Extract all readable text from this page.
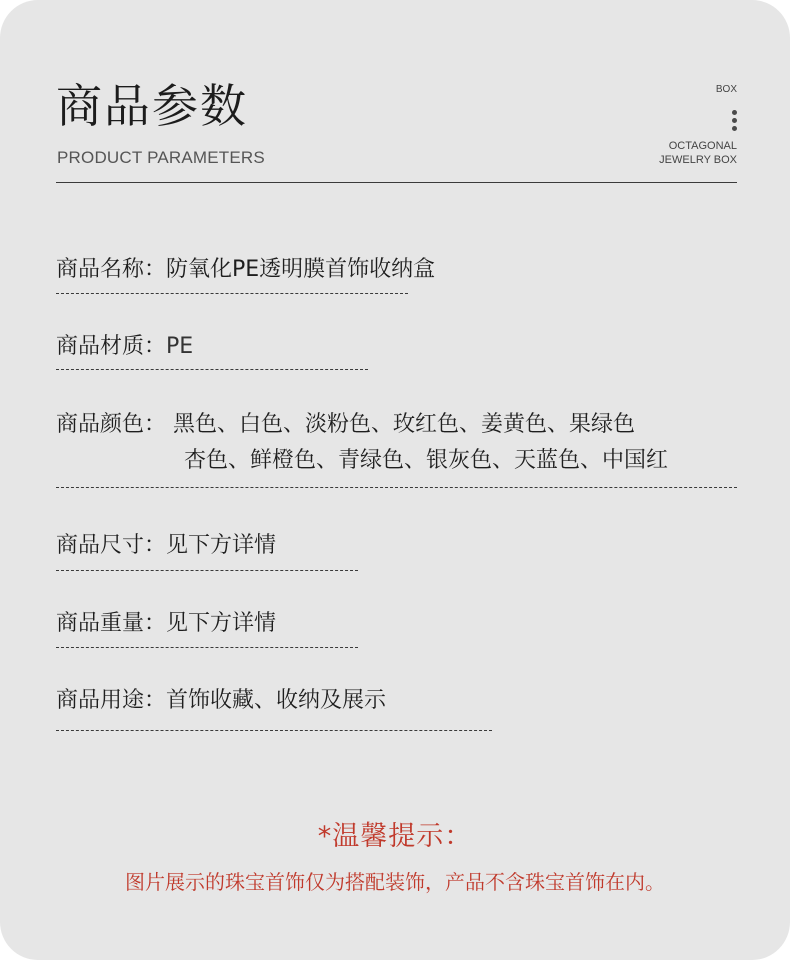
商品参数
PRODUCT PARAMETERS
BOX
OCTAGONAL
JEWELRY BOX
商品名称：防氧化PE透明膜首饰收纳盒
商品材质：PE
商品颜色： 黑色、白色、淡粉色、玫红色、姜黄色、果绿色
杏色、鲜橙色、青绿色、银灰色、天蓝色、中国红
商品尺寸：见下方详情
商品重量：见下方详情
商品用途：首饰收藏、收纳及展示
*温馨提示：
图片展示的珠宝首饰仅为搭配装饰，产品不含珠宝首饰在内。
